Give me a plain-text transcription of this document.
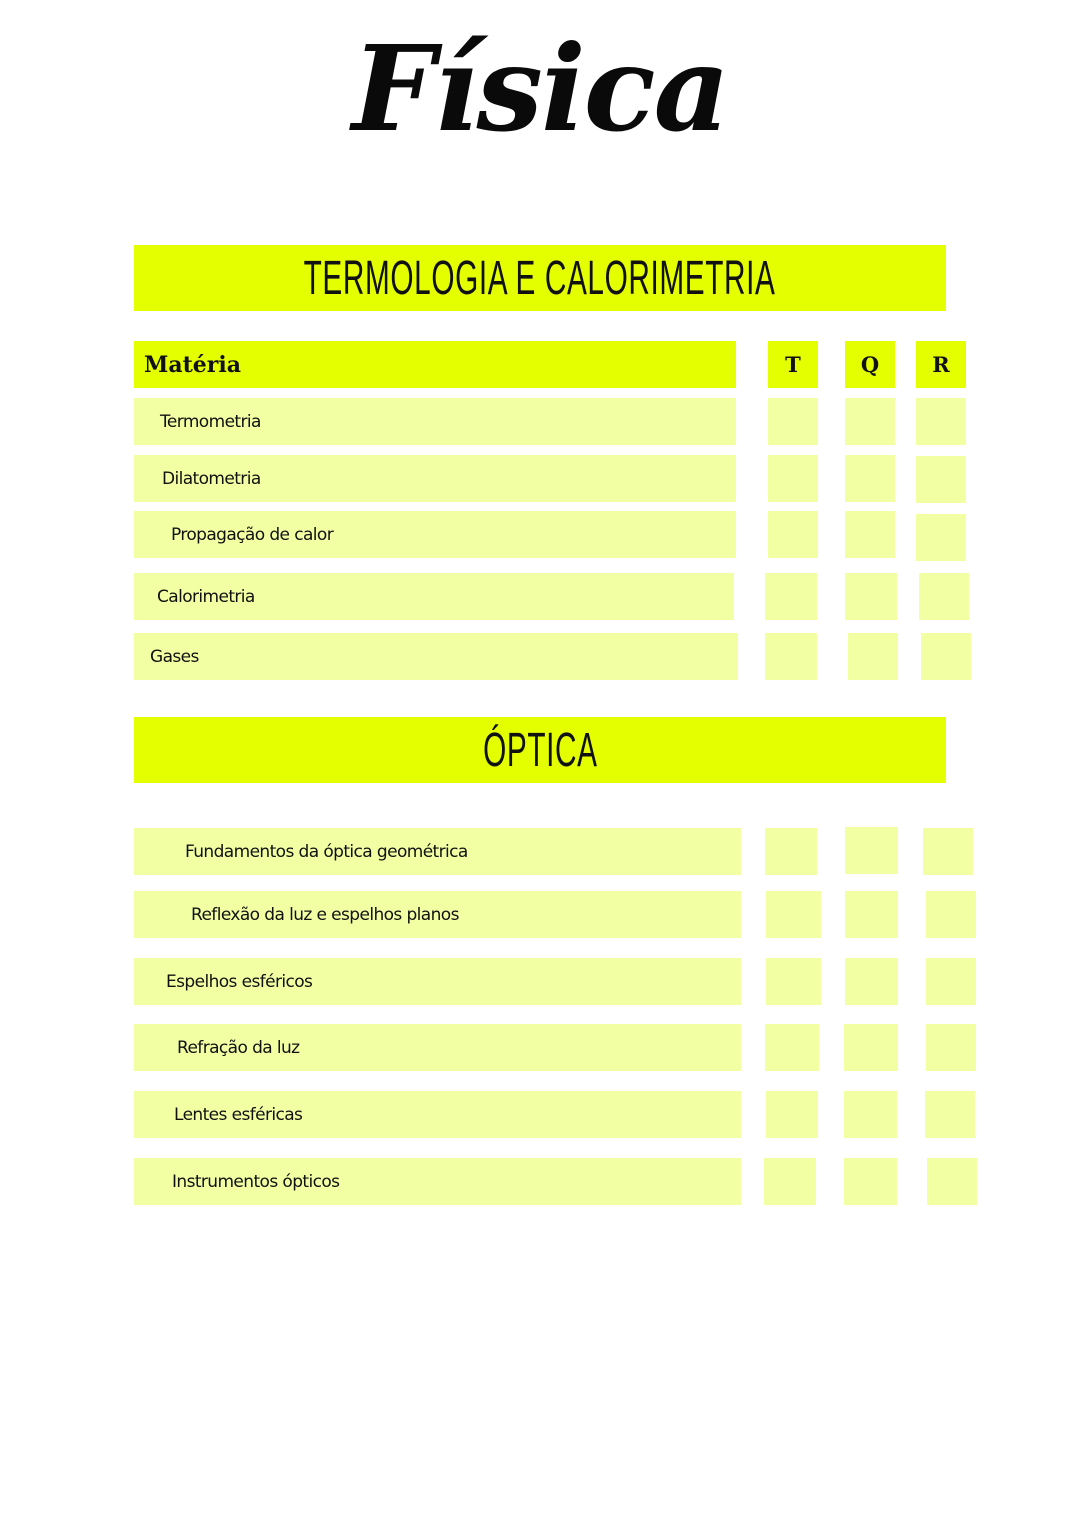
Física
TERMOLOGIA E CALORIMETRIA
Matéria	T	Q	R
Termometria
Dilatometria
Propagação de calor
Calorimetria
Gases
ÓPTICA
Fundamentos da óptica geométrica
Reflexão da luz e espelhos planos
Espelhos esféricos
Refração da luz
Lentes esféricas
Instrumentos ópticos
